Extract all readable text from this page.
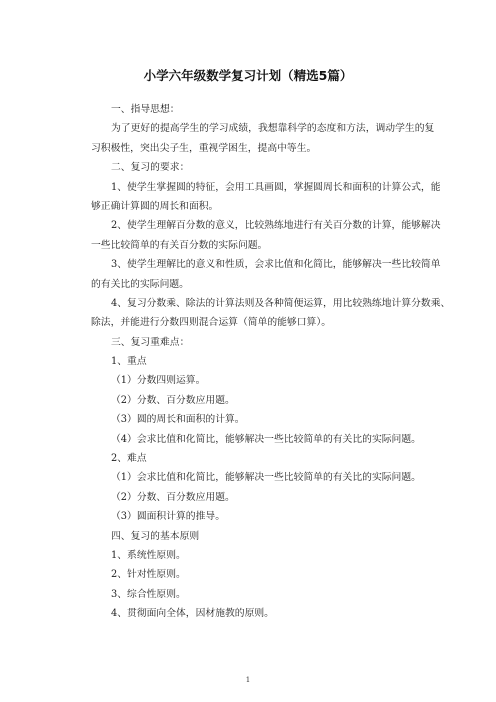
小学六年级数学复习计划（精选5篇）
一、指导思想：
为了更好的提高学生的学习成绩，我想靠科学的态度和方法，调动学生的复
习积极性，突出尖子生，重视学困生，提高中等生。
二、复习的要求：
1、使学生掌握圆的特征，会用工具画圆，掌握圆周长和面积的计算公式，能
够正确计算圆的周长和面积。
2、使学生理解百分数的意义，比较熟练地进行有关百分数的计算，能够解决
一些比较简单的有关百分数的实际问题。
3、使学生理解比的意义和性质，会求比值和化简比，能够解决一些比较简单
的有关比的实际问题。
4、复习分数乘、除法的计算法则及各种简便运算，用比较熟练地计算分数乘、
除法，并能进行分数四则混合运算（简单的能够口算）。
三、复习重难点：
1、重点
（1）分数四则运算。
（2）分数、百分数应用题。
（3）圆的周长和面积的计算。
（4）会求比值和化简比，能够解决一些比较简单的有关比的实际问题。
2、难点
（1）会求比值和化简比，能够解决一些比较简单的有关比的实际问题。
（2）分数、百分数应用题。
（3）圆面积计算的推导。
四、复习的基本原则
1、系统性原则。
2、针对性原则。
3、综合性原则。
4、贯彻面向全体，因材施教的原则。
1
